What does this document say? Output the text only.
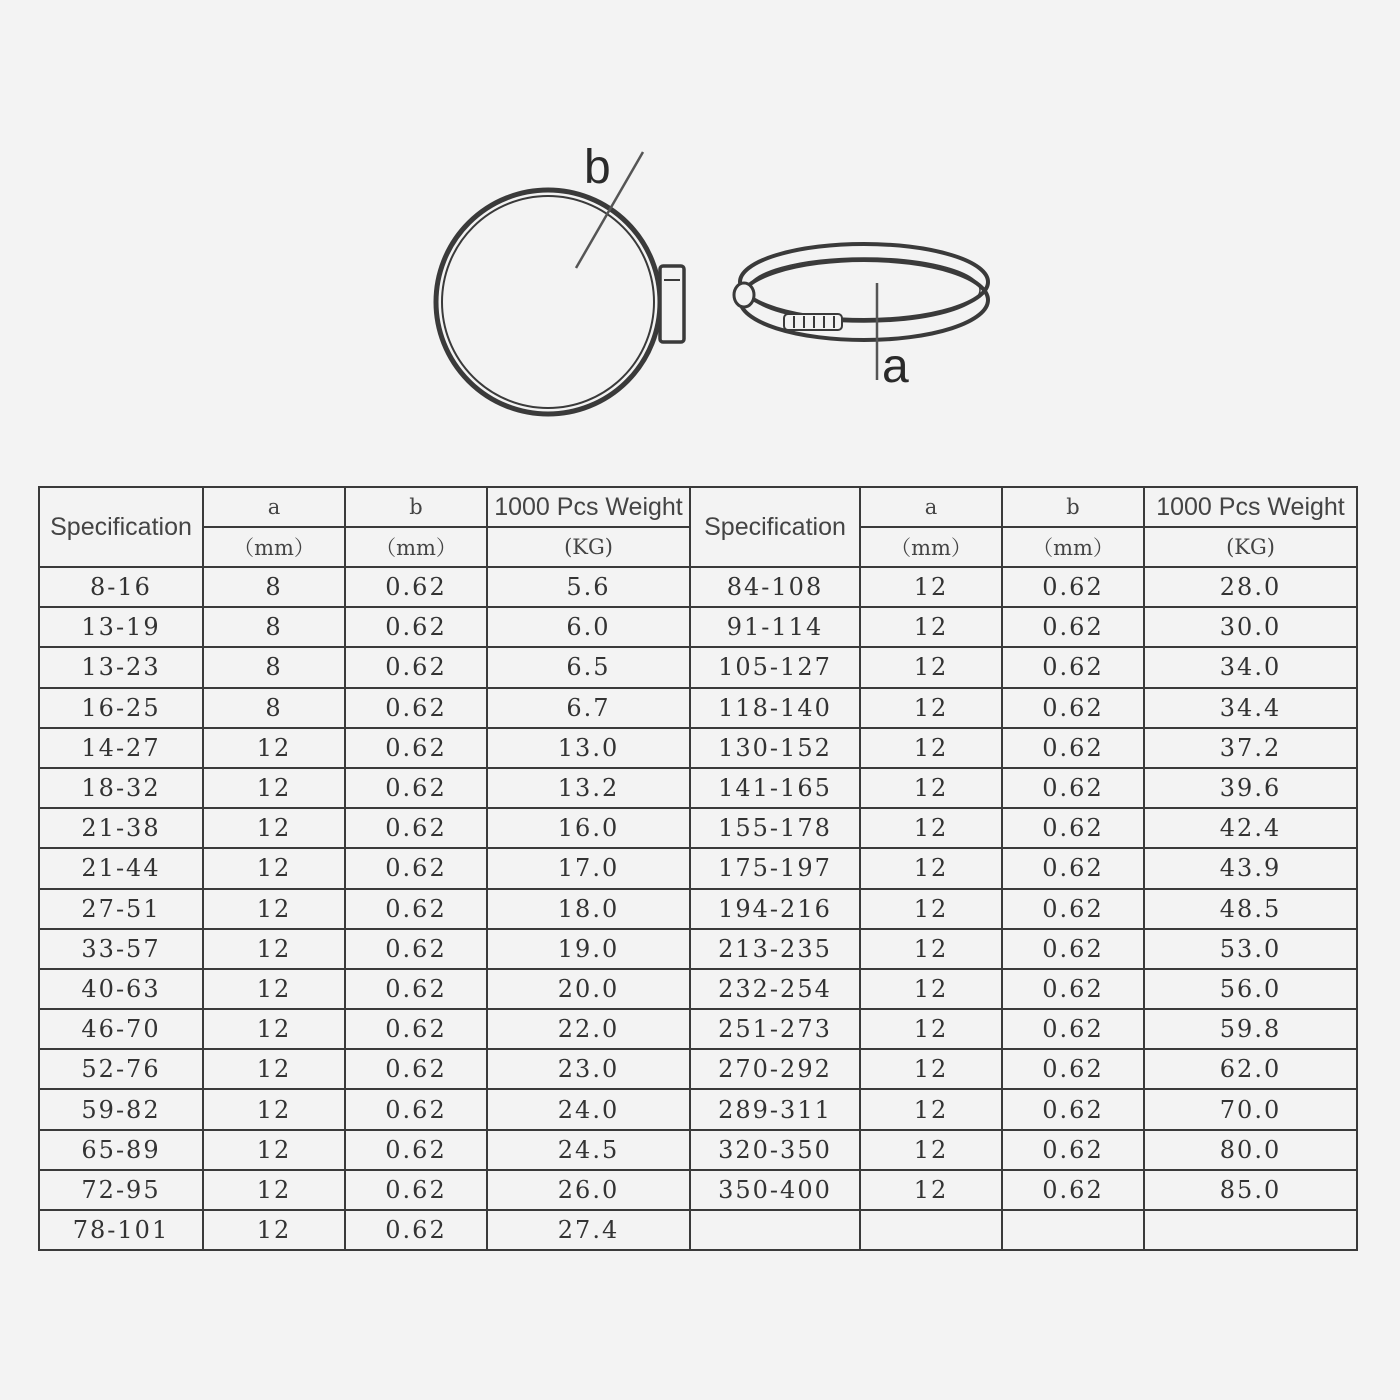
b
a
Specification	a	b	1000 Pcs Weight	Specification	a	b	1000 Pcs Weight
	（mm）	（mm）	(KG)		（mm）	（mm）	(KG)
8-16	8	0.62	5.6	84-108	12	0.62	28.0
13-19	8	0.62	6.0	91-114	12	0.62	30.0
13-23	8	0.62	6.5	105-127	12	0.62	34.0
16-25	8	0.62	6.7	118-140	12	0.62	34.4
14-27	12	0.62	13.0	130-152	12	0.62	37.2
18-32	12	0.62	13.2	141-165	12	0.62	39.6
21-38	12	0.62	16.0	155-178	12	0.62	42.4
21-44	12	0.62	17.0	175-197	12	0.62	43.9
27-51	12	0.62	18.0	194-216	12	0.62	48.5
33-57	12	0.62	19.0	213-235	12	0.62	53.0
40-63	12	0.62	20.0	232-254	12	0.62	56.0
46-70	12	0.62	22.0	251-273	12	0.62	59.8
52-76	12	0.62	23.0	270-292	12	0.62	62.0
59-82	12	0.62	24.0	289-311	12	0.62	70.0
65-89	12	0.62	24.5	320-350	12	0.62	80.0
72-95	12	0.62	26.0	350-400	12	0.62	85.0
78-101	12	0.62	27.4				
